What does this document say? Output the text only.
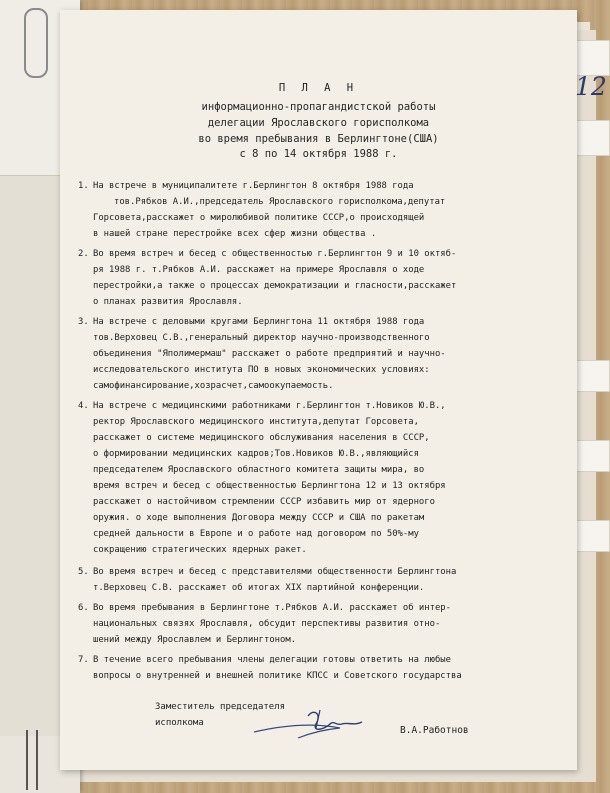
12
П Л А Н
информационно-пропагандистской работы
делегации Ярославского горисполкома
во время пребывания в Берлингтоне(США)
с 8 по 14 октября 1988 г.
1. На встрече в муниципалитете г.Берлингтон 8 октября 1988 года
тов.Рябков А.И.,председатель Ярославского горисполкома,депутат
Горсовета,расскажет о миролюбивой политике СССР,о происходящей
в нашей стране перестройке всех сфер жизни общества .
2. Во время встреч и бесед с общественностью г.Берлингтон 9 и 10 октяб-
ря 1988 г. т.Рябков А.И. расскажет на примере Ярославля о ходе
перестройки,а также о процессах демократизации и гласности,расскажет
о планах развития Ярославля.
3. На встрече с деловыми кругами Берлингтона 11 октября 1988 года
тов.Верховец С.В.,генеральный директор научно-производственного
объединения "Яполимермаш" расскажет о работе предприятий и научно-
исследовательского института ПО в новых экономических условиях:
самофинансирование,хозрасчет,самоокупаемость.
4. На встрече с медицинскими работниками г.Берлингтон т.Новиков Ю.В.,
ректор Ярославского медицинского института,депутат Горсовета,
расскажет о системе медицинского обслуживания населения в СССР,
о формировании медицинских кадров;Тов.Новиков Ю.В.,являющийся
председателем Ярославского областного комитета защиты мира, во
время встреч и бесед с общественностью Берлингтона 12 и 13 октября
расскажет о настойчивом стремлении СССР избавить мир от ядерного
оружия. о ходе выполнения Договора между СССР и США по ракетам
средней дальности в Европе и о работе над договором по 50%-му
сокращению стратегических ядерных ракет.
5. Во время встреч и бесед с представителями общественности Берлингтона
т.Верховец С.В. расскажет об итогах XIX партийной конференции.
6. Во время пребывания в Берлингтоне т.Рябков А.И. расскажет об интер-
национальных связях Ярославля, обсудит перспективы развития отно-
шений между Ярославлем и Берлингтоном.
7. В течение всего пребывания члены делегации готовы ответить на любые
вопросы о внутренней и внешней политике КПСС и Советского государства
Заместитель председателя
исполкома
В.А.Работнов
